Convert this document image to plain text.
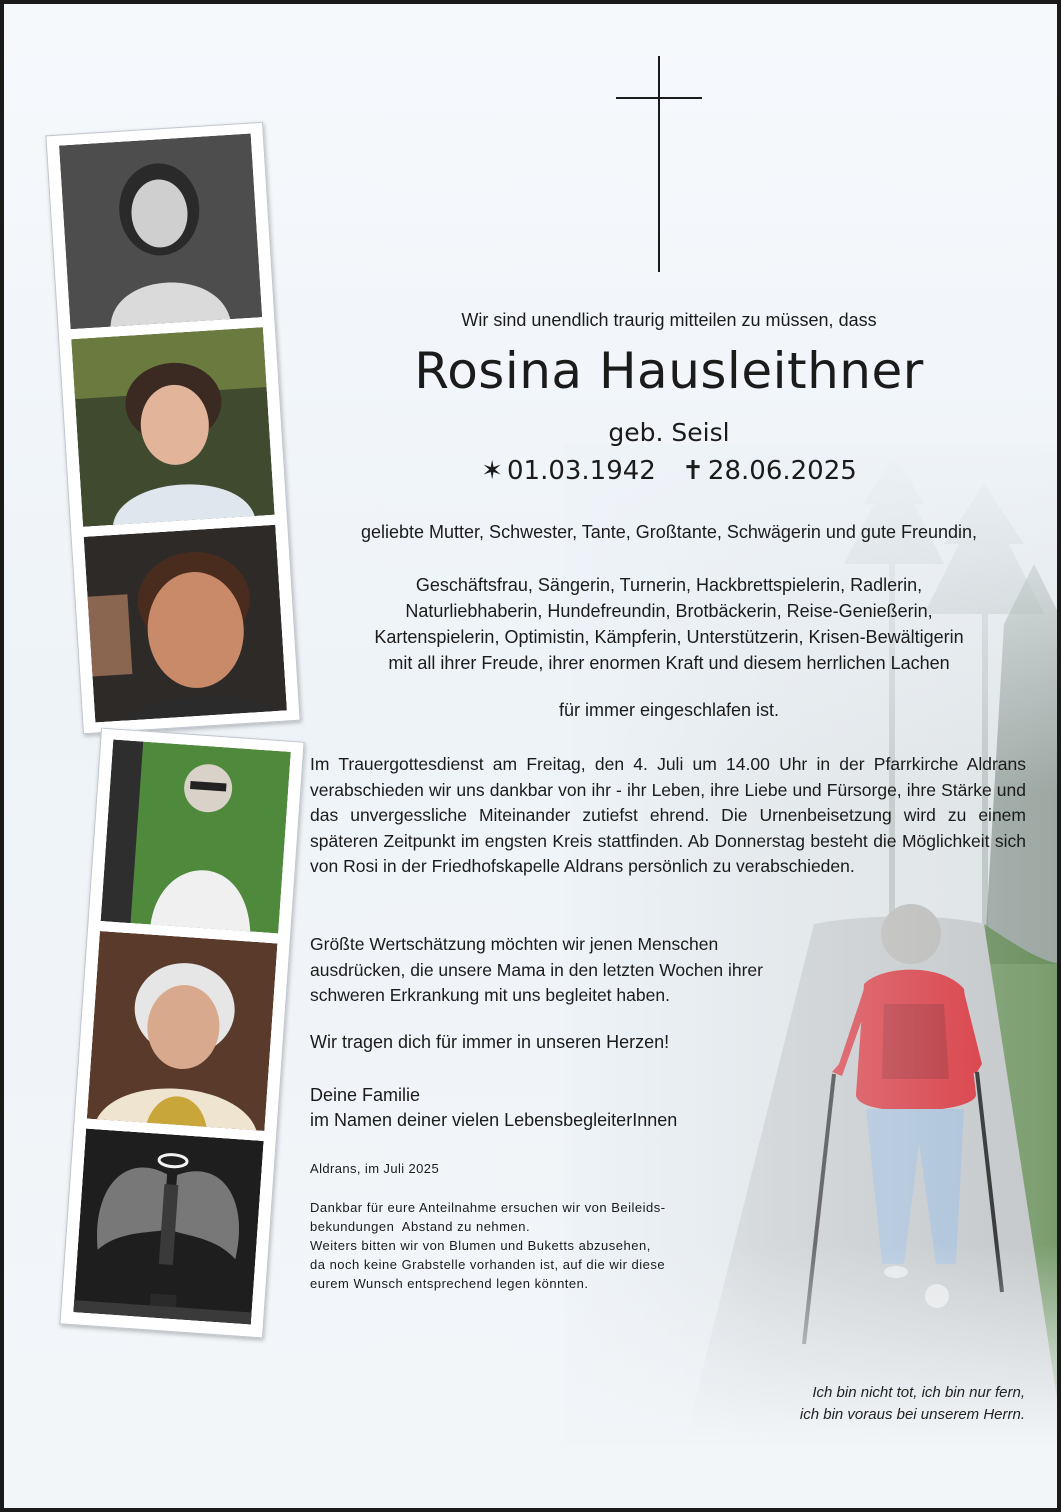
Wir sind unendlich traurig mitteilen zu müssen, dass
Rosina Hausleithner
geb. Seisl
✶ 01.03.1942 ✝ 28.06.2025
geliebte Mutter, Schwester, Tante, Großtante, Schwägerin und gute Freundin,
Geschäftsfrau, Sängerin, Turnerin, Hackbrettspielerin, Radlerin,
Naturliebhaberin, Hundefreundin, Brotbäckerin, Reise-Genießerin,
Kartenspielerin, Optimistin, Kämpferin, Unterstützerin, Krisen-Bewältigerin
mit all ihrer Freude, ihrer enormen Kraft und diesem herrlichen Lachen
für immer eingeschlafen ist.
Im Trauergottesdienst am Freitag, den 4. Juli um 14.00 Uhr in der Pfarrkirche Aldrans verabschieden wir uns dankbar von ihr - ihr Leben, ihre Liebe und Fürsorge, ihre Stärke und das unvergessliche Miteinander zutiefst ehrend. Die Urnenbeisetzung wird zu einem späteren Zeitpunkt im engsten Kreis stattfinden. Ab Donnerstag besteht die Möglichkeit sich von Rosi in der Friedhofskapelle Aldrans persönlich zu verabschieden.
Größte Wertschätzung möchten wir jenen Menschen ausdrücken, die unsere Mama in den letzten Wochen ihrer schweren Erkrankung mit uns begleitet haben.
Wir tragen dich für immer in unseren Herzen!
Deine Familie
im Namen deiner vielen LebensbegleiterInnen
Aldrans, im Juli 2025
Dankbar für eure Anteilnahme ersuchen wir von Beileids-
bekundungen  Abstand zu nehmen.
Weiters bitten wir von Blumen und Buketts abzusehen,
da noch keine Grabstelle vorhanden ist, auf die wir diese
eurem Wunsch entsprechend legen könnten.
Ich bin nicht tot, ich bin nur fern,
ich bin voraus bei unserem Herrn.
